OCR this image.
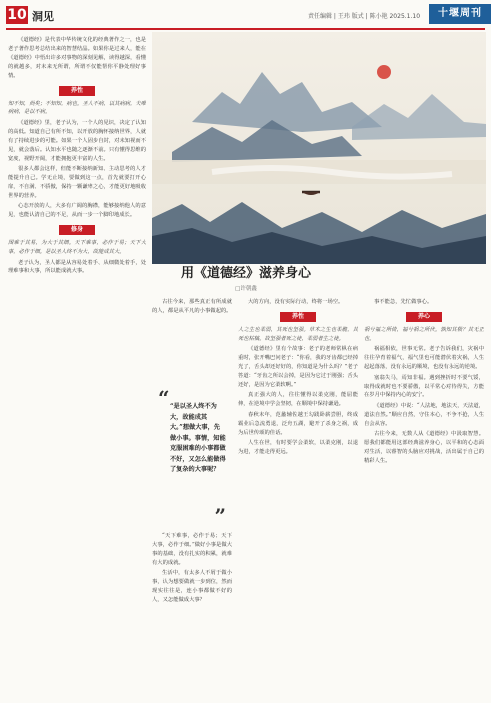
10 洞见	责任编辑 | 王玮 版式 | 陈小艳 2025.1.10	十堰周刊

《道德经》是代表中华传统文化的经典著作之一，也是老子著作思考总结出来的智慧结晶。如果你是过来人，能在《道德经》中悟出许多对事物的深刻见解，读得越深，看懂的就越多，对未来无所谓，所谓不仅能帮你平静处理好事情。

养性

知不知，尚矣；不知知，病也。圣人不病，以其病病，夫唯病病，是以不病。

《道德经》里，老子认为，一个人的见识，决定了认知的高低。知道自己有所不知，以开放的胸怀接纳世界，人就有了持续进步的可能。如果一个人固步自封，对未知视而不见，就会落后。认知水平也随之逐渐不前。只有懂得思维的宽度，视野开阔，才能拥抱更丰富的人生。

很多人都会这样，但能不断接纳新知、主动思考的人才能提升自己。学无止境，要做到这一点，首先就要打开心扉，不自满、不骄傲，保持一颗谦卑之心，才能更好地吸收世界的营养。

心态开放的人，大多有广阔的胸襟，能够接纳他人的意见，也能认清自己的不足，从而一步一个脚印地成长。

修身

图难于其易，为大于其细。天下难事，必作于易；天下大事，必作于细。是以圣人终不为大，故能成其大。

老子认为，圣人都是从容易处着手、从细微处着手，处理难事和大事，所以能成就大事。	用《道德经》滋养身心
□许朝鑫

古往今来，那些真正有所成就的人，都是从平凡的小事做起的。

“ “是以圣人终不为大，故能成其大。”想做大事，先做小事。事情，知能克服困难的小事都做不好，又怎么能做得了复杂的大事呢？
”

“天下难事，必作于易；天下大事，必作于细。”做好小事是做大事的基础，没有扎实的积累，就难有大的成就。

生活中，有太多人不屑于做小事，认为想要做就一步到位，然而现实往往是，连小事都做不好的人，又怎能做成大事？

大的方向，没有实际行动，终将一场空。

养性

人之生也柔弱，其死也坚强。草木之生也柔脆，其死也枯槁。故坚强者死之徒，柔弱者生之徒。

《道德经》里有个故事：老子的老师常枞在病重时，张开嘴巴问老子：“你看，我的牙齿都已经掉光了，舌头却还好好的，你知道是为什么吗？”老子答道：“牙齿之所以会掉，是因为它过于刚强；舌头还好，是因为它柔软啊。”

真正强大的人，往往懂得以柔克刚，能屈能伸，在逆境中学会坚韧，在顺境中保持谦逊。

春秋末年，范蠡辅佐越王勾践卧薪尝胆，终成霸业后急流勇退，泛舟五湖，避开了杀身之祸，成为后世传颂的佳话。

人生在世，有时要学会柔软，以柔克刚，以退为进，才能走得更远。

事不能急，先忙做事心。

养心

祸兮福之所倚，福兮祸之所伏。孰知其极？其无正也。

祸福相依，世事无常。老子告诉我们，灾祸中往往孕育着福气，福气里也可能潜伏着灾祸，人生起起落落，没有永远的顺境，也没有永远的逆境。

塞翁失马，焉知非福。遇到挫折时不要气馁，取得成就时也不要骄傲，以平常心对待得失，方能在岁月中保持内心的安宁。

《道德经》中说：“人法地，地法天，天法道，道法自然。”顺应自然，守住本心，不争不抢，人生自会从容。

古往今来，无数人从《道德经》中汲取智慧。愿我们都能用这部经典滋养身心，以平和的心态面对生活，以睿智的头脑应对挑战，活出属于自己的精彩人生。
